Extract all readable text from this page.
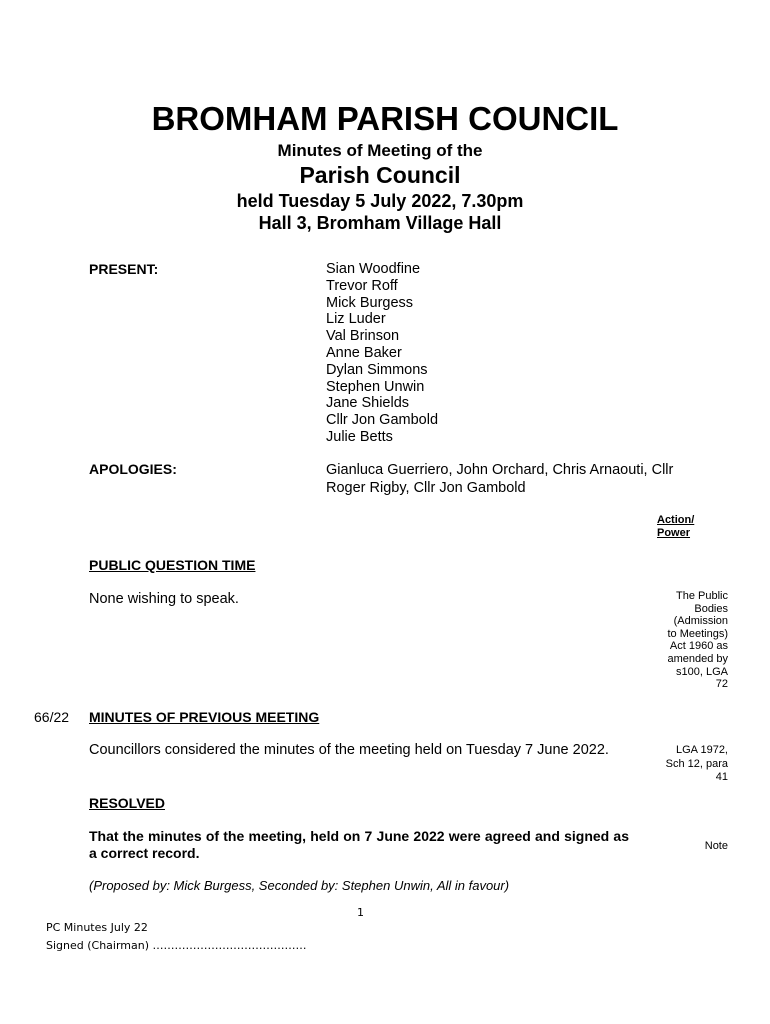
BROMHAM PARISH COUNCIL
Minutes of Meeting of the
Parish Council
held Tuesday 5 July 2022, 7.30pm
Hall 3, Bromham Village Hall
PRESENT:	Sian Woodfine
Trevor Roff
Mick Burgess
Liz Luder
Val Brinson
Anne Baker
Dylan Simmons
Stephen Unwin
Jane Shields
Cllr Jon Gambold
Julie Betts
APOLOGIES:	Gianluca Guerriero, John Orchard, Chris Arnaouti, Cllr Roger Rigby, Cllr Jon Gambold
Action/
Power
PUBLIC QUESTION TIME
None wishing to speak.	The Public
Bodies
(Admission
to Meetings)
Act 1960 as
amended by
s100, LGA
72
66/22 MINUTES OF PREVIOUS MEETING
Councillors considered the minutes of the meeting held on Tuesday 7 June 2022.	LGA 1972,
Sch 12, para
41
RESOLVED
That the minutes of the meeting, held on 7 June 2022 were agreed and signed as a correct record.	Note
(Proposed by: Mick Burgess, Seconded by: Stephen Unwin, All in favour)
1
PC Minutes July 22
Signed (Chairman) ……………………………………
